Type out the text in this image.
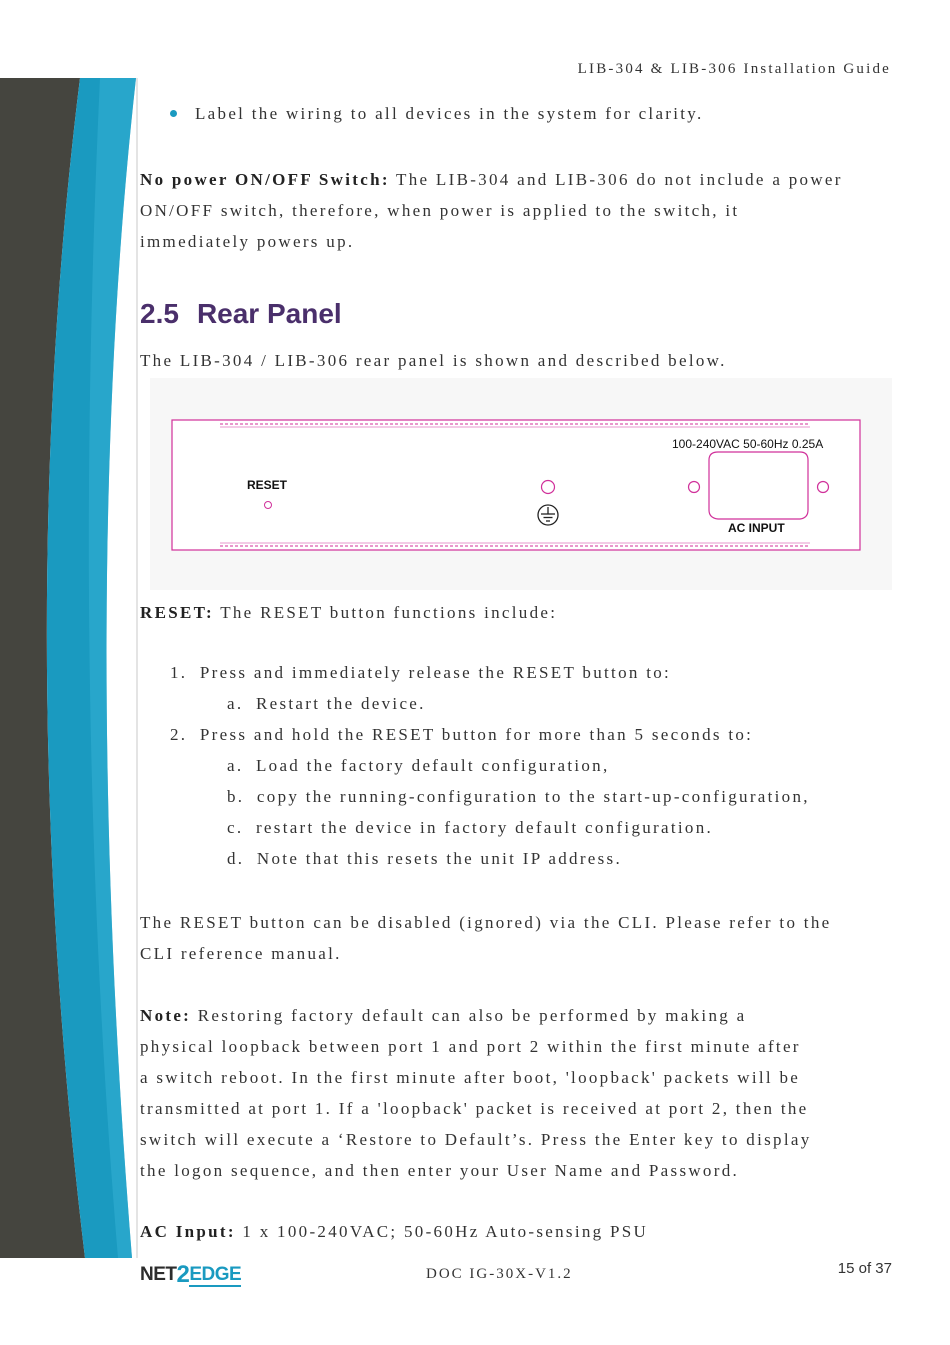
LIB-304 & LIB-306 Installation Guide
Label the wiring to all devices in the system for clarity.
No power ON/OFF Switch: The LIB-304 and LIB-306 do not include a power
ON/OFF switch, therefore, when power is applied to the switch, it
immediately powers up.
2.5 Rear Panel
The LIB-304 / LIB-306 rear panel is shown and described below.
RESET
100-240VAC 50-60Hz 0.25A
AC INPUT
RESET: The RESET button functions include:
1. Press and immediately release the RESET button to:
a. Restart the device.
2. Press and hold the RESET button for more than 5 seconds to:
a. Load the factory default configuration,
b. copy the running-configuration to the start-up-configuration,
c. restart the device in factory default configuration.
d. Note that this resets the unit IP address.
The RESET button can be disabled (ignored) via the CLI. Please refer to the
CLI reference manual.
Note: Restoring factory default can also be performed by making a
physical loopback between port 1 and port 2 within the first minute after
a switch reboot. In the first minute after boot, 'loopback' packets will be
transmitted at port 1. If a 'loopback' packet is received at port 2, then the
switch will execute a ‘Restore to Default’s. Press the Enter key to display
the logon sequence, and then enter your User Name and Password.
AC Input: 1 x 100-240VAC; 50-60Hz Auto-sensing PSU
NET2EDGE	DOC IG-30X-V1.2	15 of 37
